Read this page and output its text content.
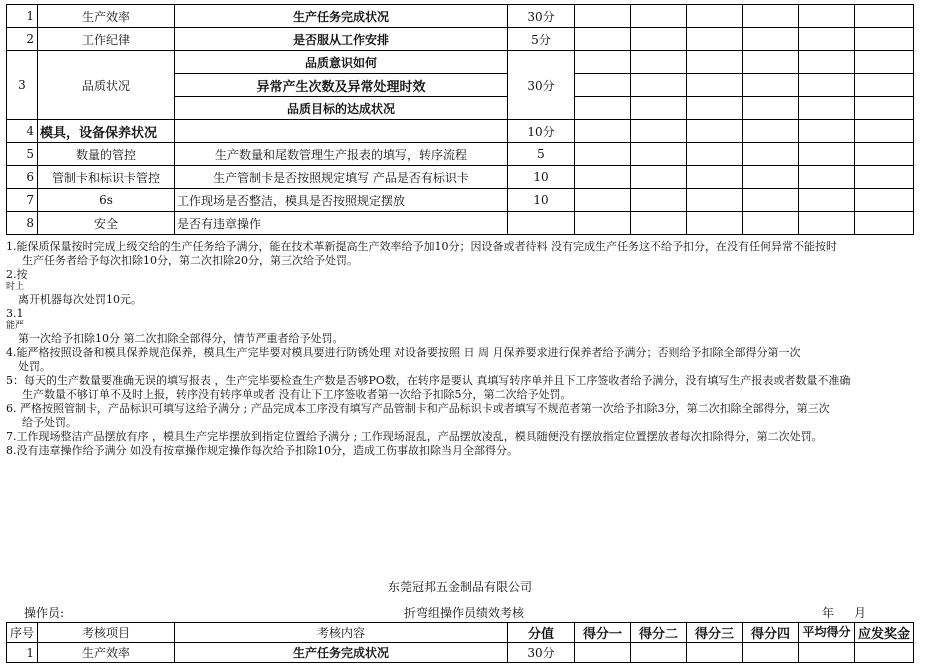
1	生产效率	生产任务完成状况	30分						
2	工作纪律	是否服从工作安排	5分						
3	品质状况	品质意识如何	30分						
		异常产生次数及异常处理时效							
		品质目标的达成状况							
4	模具，设备保养状况		10分						
5	数量的管控	生产数量和尾数管理生产报表的填写，转序流程	5						
6	管制卡和标识卡管控	生产管制卡是否按照规定填写 产品是否有标识卡	10						
7	6s	工作现场是否整洁，模具是否按照规定摆放	10						
8	安全	是否有违章操作							

1.能保质保量按时完成上级交给的生产任务给予满分，能在技术革新提高生产效率给予加10分；因设备或者待料 没有完成生产任务这不给予扣分，在没有任何异常不能按时

生产任务者给予每次扣除10分，第二次扣除20分，第三次给予处罚。

2.按

时上

离开机器每次处罚10元。

3.1

能严

第一次给予扣除10分 第二次扣除全部得分，情节严重者给予处罚。

4.能严格按照设备和模具保养规范保养，模具生产完毕要对模具要进行防锈处理 对设备要按照 日 周 月保养要求进行保养者给予满分；否则给予扣除全部得分第一次

处罚。

5：每天的生产数量要准确无误的填写报表 ，生产完毕要检查生产数是否够PO数，在转序是要认 真填写转序单并且下工序签收者给予满分，没有填写生产报表或者数量不准确

生产数量不够订单不及时上报，转序没有转序单或者 没有让下工序签收者第一次给予扣除5分，第二次给予处罚。

6. 严格按照管制卡，产品标识可填写这给予满分 ; 产品完成本工序没有填写产品管制卡和产品标识卡或者填写不规范者第一次给予扣除3分，第二次扣除全部得分，第三次

给予处罚。

7.工作现场整洁产品摆放有序 ，模具生产完毕摆放到指定位置给予满分 ; 工作现场混乱，产品摆放凌乱，模具随便没有摆放指定位置摆放者每次扣除得分，第二次处罚。

8.没有违章操作给予满分 如没有按章操作规定操作每次给予扣除10分，造成工伤事故扣除当月全部得分。

东莞冠邦五金制品有限公司
操作员:	折弯组操作员绩效考核	年 月
序号	考核项目	考核内容	分值	得分一	得分二	得分三	得分四	平均得分	应发奖金
1	生产效率	生产任务完成状况	30分						
